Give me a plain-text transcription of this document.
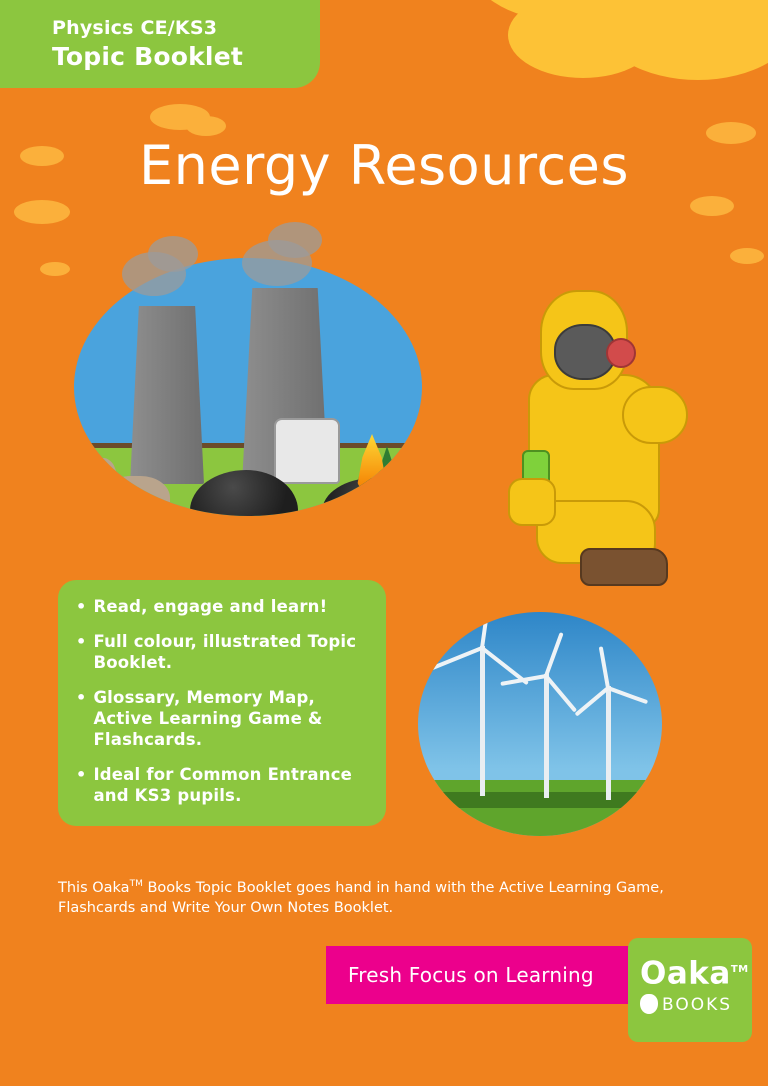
Physics CE/KS3
Topic Booklet
Energy Resources
• Read, engage and learn!
• Full colour, illustrated Topic Booklet.
• Glossary, Memory Map, Active Learning Game & Flashcards.
• Ideal for Common Entrance and KS3 pupils.
This Oaka™ Books Topic Booklet goes hand in hand with the Active Learning Game, Flashcards and Write Your Own Notes Booklet.
Fresh Focus on Learning Oaka™
BOOKS
